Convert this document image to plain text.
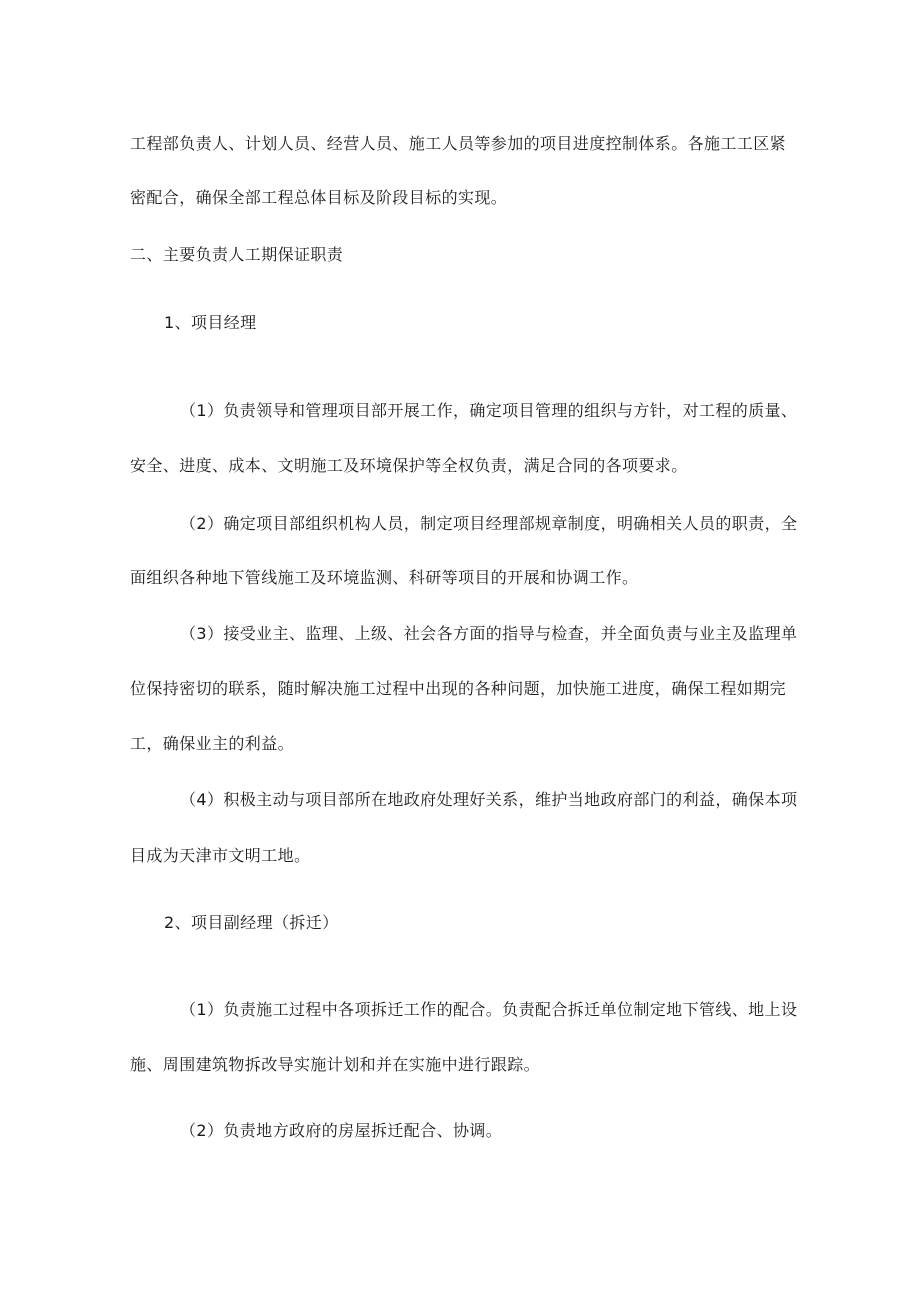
工程部负责人、计划人员、经营人员、施工人员等参加的项目进度控制体系。各施工工区紧
密配合，确保全部工程总体目标及阶段目标的实现。
二、主要负责人工期保证职责
1、项目经理
（1）负责领导和管理项目部开展工作，确定项目管理的组织与方针，对工程的质量、
安全、进度、成本、文明施工及环境保护等全权负责，满足合同的各项要求。
（2）确定项目部组织机构人员，制定项目经理部规章制度，明确相关人员的职责，全
面组织各种地下管线施工及环境监测、科研等项目的开展和协调工作。
（3）接受业主、监理、上级、社会各方面的指导与检查，并全面负责与业主及监理单
位保持密切的联系，随时解决施工过程中出现的各种问题，加快施工进度，确保工程如期完
工，确保业主的利益。
（4）积极主动与项目部所在地政府处理好关系，维护当地政府部门的利益，确保本项
目成为天津市文明工地。
2、项目副经理（拆迁）
（1）负责施工过程中各项拆迁工作的配合。负责配合拆迁单位制定地下管线、地上设
施、周围建筑物拆改导实施计划和并在实施中进行跟踪。
（2）负责地方政府的房屋拆迁配合、协调。
